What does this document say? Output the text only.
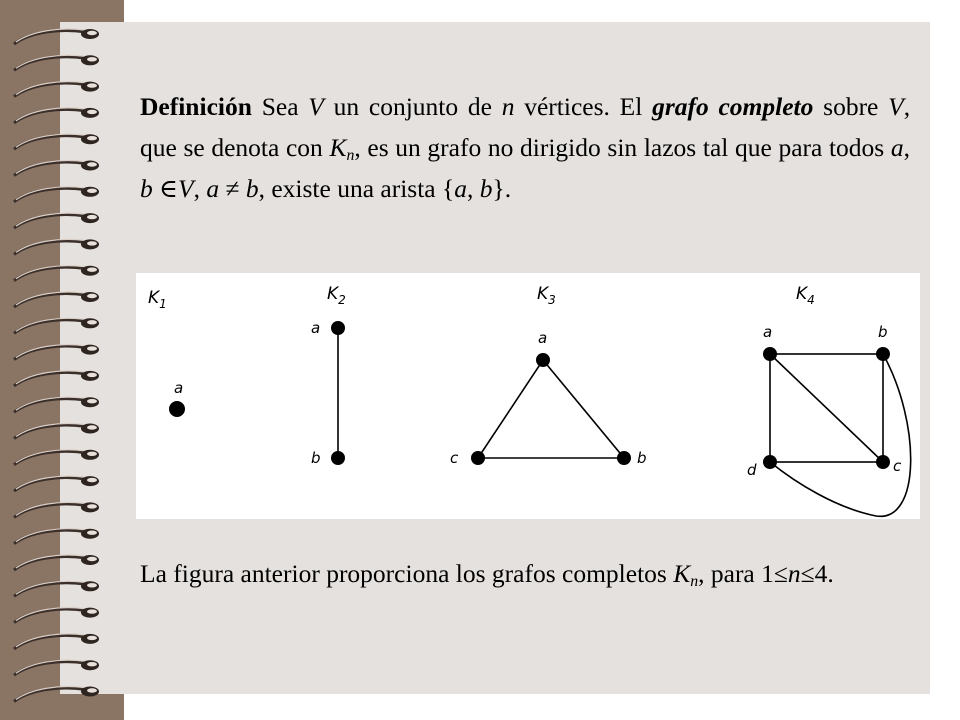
Definición Sea V un conjunto de n vértices. El grafo completo sobre V, que se denota con $K_n$, es un grafo no dirigido sin lazos tal que para todos a, b ∈V, a ≠ b, existe una arista {a, b}.
$K_1$
a
$K_2$
a
b
$K_3$
a
b
c
$K_4$
a	b
c
d
La figura anterior proporciona los grafos completos $K_n$, para 1≤n≤4.
